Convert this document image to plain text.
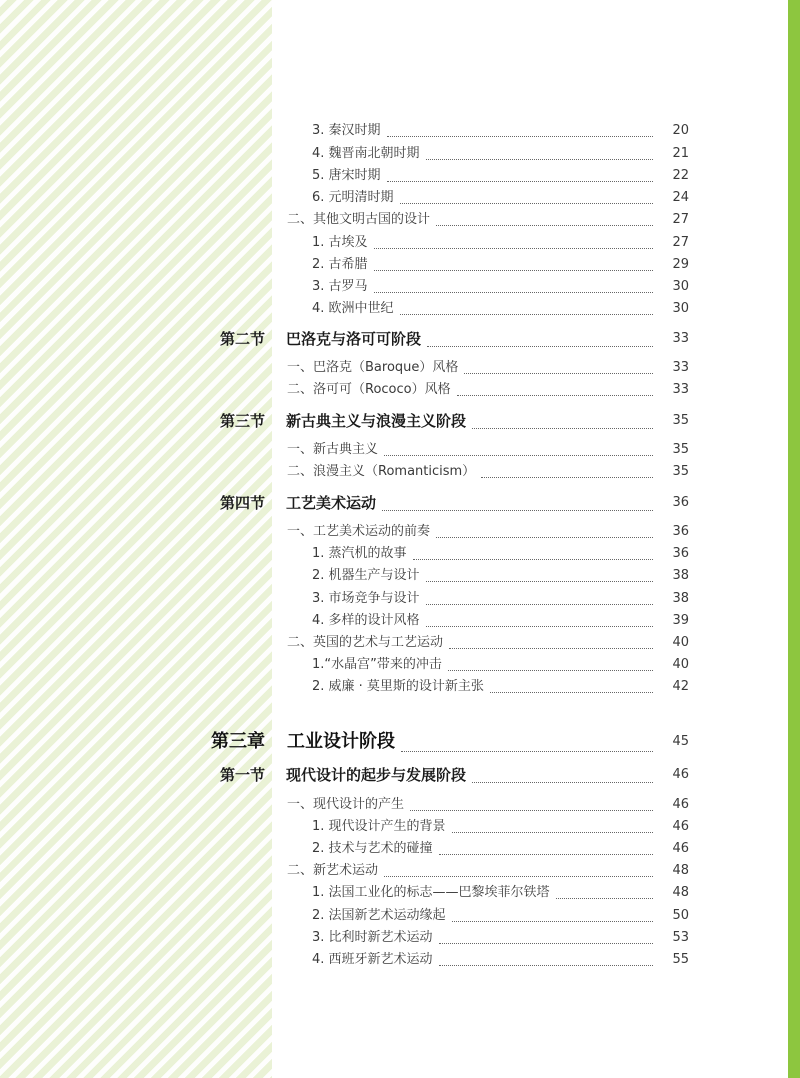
3. 秦汉时期	20
4. 魏晋南北朝时期	21
5. 唐宋时期	22
6. 元明清时期	24
二、其他文明古国的设计	27
1. 古埃及	27
2. 古希腊	29
3. 古罗马	30
4. 欧洲中世纪	30
第二节	巴洛克与洛可可阶段	33
一、巴洛克（Baroque）风格	33
二、洛可可（Rococo）风格	33
第三节	新古典主义与浪漫主义阶段	35
一、新古典主义	35
二、浪漫主义（Romanticism）	35
第四节	工艺美术运动	36
一、工艺美术运动的前奏	36
1. 蒸汽机的故事	36
2. 机器生产与设计	38
3. 市场竞争与设计	38
4. 多样的设计风格	39
二、英国的艺术与工艺运动	40
1.“水晶宫”带来的冲击	40
2. 威廉 · 莫里斯的设计新主张	42
第三章	工业设计阶段	45
第一节	现代设计的起步与发展阶段	46
一、现代设计的产生	46
1. 现代设计产生的背景	46
2. 技术与艺术的碰撞	46
二、新艺术运动	48
1. 法国工业化的标志——巴黎埃菲尔铁塔	48
2. 法国新艺术运动缘起	50
3. 比利时新艺术运动	53
4. 西班牙新艺术运动	55
